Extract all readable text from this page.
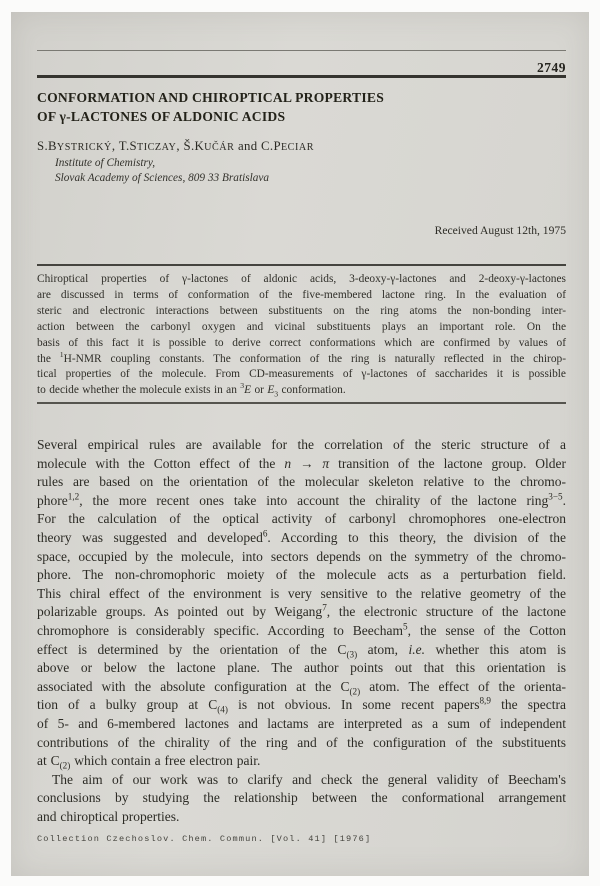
2749
CONFORMATION AND CHIROPTICAL PROPERTIES
OF γ-LACTONES OF ALDONIC ACIDS
S.BYSTRICKÝ, T.STICZAY, Š.KUČÁR and C.PECIAR
Institute of Chemistry,
Slovak Academy of Sciences, 809 33 Bratislava
Received August 12th, 1975
Chiroptical properties of γ-lactones of aldonic acids, 3-deoxy-γ-lactones and 2-deoxy-γ-lactones
are discussed in terms of conformation of the five-membered lactone ring. In the evaluation of
steric and electronic interactions between substituents on the ring atoms the non-bonding inter-
action between the carbonyl oxygen and vicinal substituents plays an important role. On the
basis of this fact it is possible to derive correct conformations which are confirmed by values of
the $^1$H-NMR coupling constants. The conformation of the ring is naturally reflected in the chirop-
tical properties of the molecule. From CD-measurements of γ-lactones of saccharides it is possible
to decide whether the molecule exists in an $^3$E or $E_3$ conformation.
Several empirical rules are available for the correlation of the steric structure of a
molecule with the Cotton effect of the n → π transition of the lactone group. Older
rules are based on the orientation of the molecular skeleton relative to the chromo-
phore$^{1,2}$, the more recent ones take into account the chirality of the lactone ring$^{3-5}$.
For the calculation of the optical activity of carbonyl chromophores one-electron
theory was suggested and developed$^6$. According to this theory, the division of the
space, occupied by the molecule, into sectors depends on the symmetry of the chromo-
phore. The non-chromophoric moiety of the molecule acts as a perturbation field.
This chiral effect of the environment is very sensitive to the relative geometry of the
polarizable groups. As pointed out by Weigang$^7$, the electronic structure of the lactone
chromophore is considerably specific. According to Beecham$^5$, the sense of the Cotton
effect is determined by the orientation of the $C_{(3)}$ atom, i.e. whether this atom is
above or below the lactone plane. The author points out that this orientation is
associated with the absolute configuration at the $C_{(2)}$ atom. The effect of the orienta-
tion of a bulky group at $C_{(4)}$ is not obvious. In some recent papers$^{8,9}$ the spectra
of 5- and 6-membered lactones and lactams are interpreted as a sum of independent
contributions of the chirality of the ring and of the configuration of the substituents
at $C_{(2)}$ which contain a free electron pair.
The aim of our work was to clarify and check the general validity of Beecham's
conclusions by studying the relationship between the conformational arrangement
and chiroptical properties.
Collection Czechoslov. Chem. Commun. [Vol. 41] [1976]
